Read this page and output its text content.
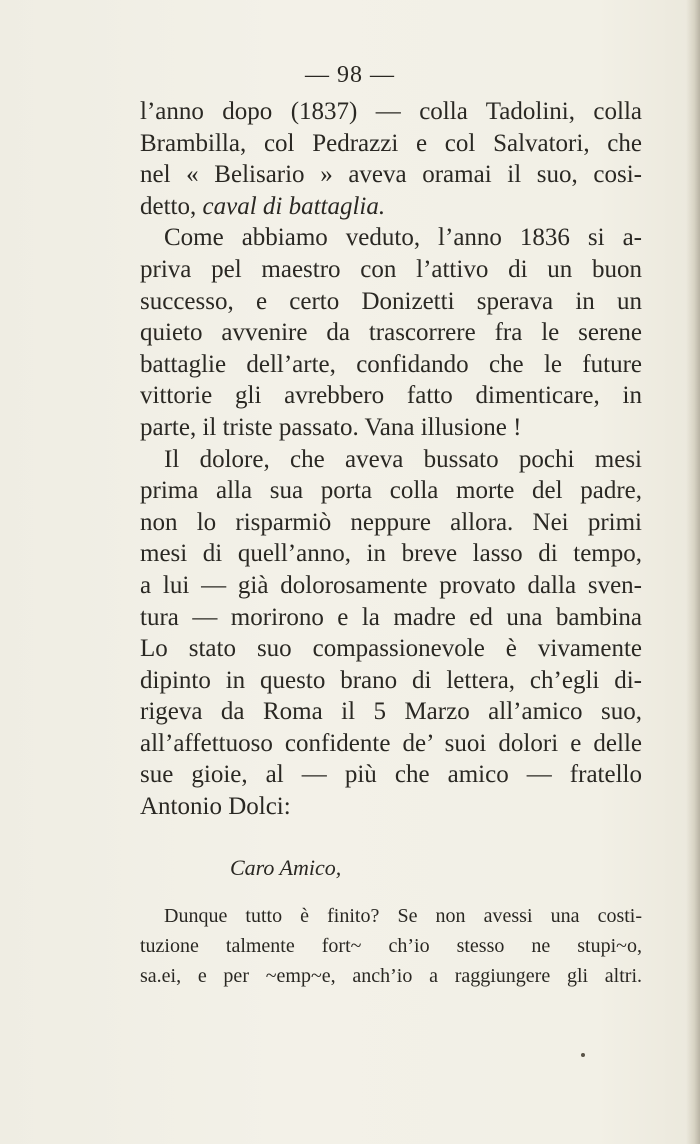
— 98 —
l’anno dopo (1837) — colla Tadolini, colla
Brambilla, col Pedrazzi e col Salvatori, che
nel « Belisario » aveva oramai il suo, cosi-
detto, caval di battaglia.
Come abbiamo veduto, l’anno 1836 si a-
priva pel maestro con l’attivo di un buon
successo, e certo Donizetti sperava in un
quieto avvenire da trascorrere fra le serene
battaglie dell’arte, confidando che le future
vittorie gli avrebbero fatto dimenticare, in
parte, il triste passato. Vana illusione !
Il dolore, che aveva bussato pochi mesi
prima alla sua porta colla morte del padre,
non lo risparmiò neppure allora. Nei primi
mesi di quell’anno, in breve lasso di tempo,
a lui — già dolorosamente provato dalla sven-
tura — morirono e la madre ed una bambina
Lo stato suo compassionevole è vivamente
dipinto in questo brano di lettera, ch’egli di-
rigeva da Roma il 5 Marzo all’amico suo,
all’affettuoso confidente de’ suoi dolori e delle
sue gioie, al — più che amico — fratello
Antonio Dolci:
Caro Amico,
Dunque tutto è finito? Se non avessi una costi-
tuzione talmente fort~ ch’io stesso ne stupi~o,
sa.ei, e per ~emp~e, anch’io a raggiungere gli altri.
